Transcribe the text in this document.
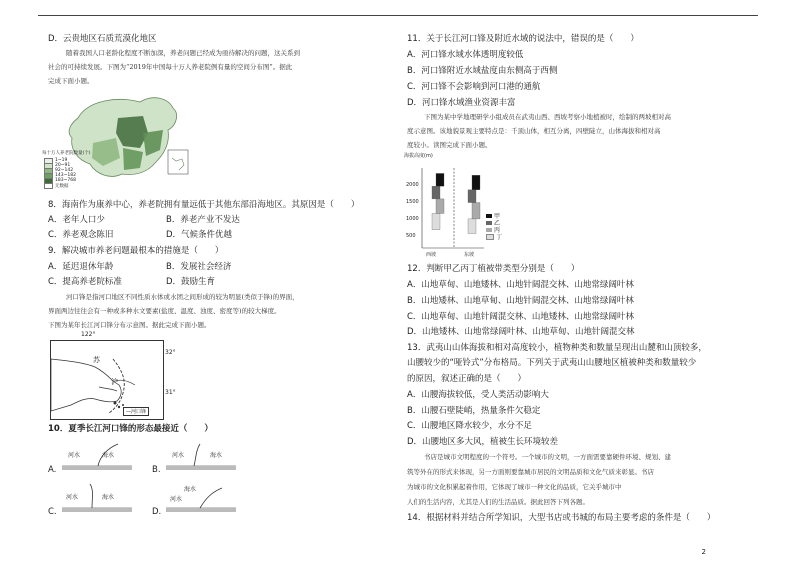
D．云贵地区石质荒漠化地区
随着我国人口老龄化程度不断加深，养老问题已经成为亟待解决的问题，这关系到
社会的可持续发展。下图为“2019年中国每十万人养老院例有量的空间分布图”。据此
完成下面小题。
每十万人养老院数量(个)
1~19
20~91
92~142
143~182
183~768
无数据
8．海南作为康养中心，养老院拥有量远低于其他东部沿海地区。其原因是（　　）
A．老年人口少	B．养老产业不发达
C．养老观念陈旧	D．气候条件优越
9．解决城市养老问题最根本的措施是（　　）
A．延迟退休年龄	B．发展社会经济
C．提高养老院标准	D．鼓励生育
河口锋是指河口地区不同性质水体或水团之间形成的较为明显(类似于锋)的界面，
界面两边往往会有一种或多种水文要素(盐度、温度、浊度、密度等)的较大梯度。
下图为某年长江河口锋分布示意图。据此完成下面小题。
122°
32°
31°
苏
沪
—河口锋
10．夏季长江河口锋的形态最接近（　　）
A.
河水	海水
B.
河水	海水
C.
河水	海水
D.
河水
海水
11．关于长江河口锋及附近水域的说法中，错误的是（　　）
A．河口锋水域水体透明度较低
B．河口锋附近水域盐度由东侧高于西侧
C．河口锋不会影响到河口港的通航
D．河口锋水域渔业资源丰富
下图为某中学地理研学小组成员在武夷山西、西坡考察小地植被时，绘制的两坡相对高
度示意图。该地貌景观主要特点是：千顶山体，相互分离，四壁陡立，山体海拔和相对高
度较小。读图完成下面小题。
海拔高度(m)
2000
1500
1000
500
西坡	东坡
甲
乙
丙
丁
12．判断甲乙丙丁植被带类型分别是（　　）
A．山地草甸、山地矮林、山地针阔混交林、山地常绿阔叶林
B．山地矮林、山地草甸、山地针阔混交林、山地常绿阔叶林
C．山地草甸、山地针阔混交林、山地矮林、山地常绿阔叶林
D．山地矮林、山地常绿阔叶林、山地草甸、山地针阔混交林
13．武夷山山体海拔和相对高度较小，植物种类和数量呈现出山麓和山顶较多，
山腰较少的“哑铃式”分布格局。下列关于武夷山山腰地区植被种类和数量较少
的原因，叙述正确的是（　　）
A．山腰海拔较低，受人类活动影响大
B．山腰石壁陡峭，热量条件欠稳定
C．山腰地区降水较少，水分不足
D．山腰地区多大风，植被生长环境较差
书店是城市文明程度的一个符号。一个城市的文明，一方面需要靠硬件环境、规划、建
筑等外在的形式来体现，另一方面则要靠城市居民的文明品质和文化气质来彰显。书店
为城市的文化积累起着作用，它体现了城市一种文化的品质，它关乎城市中
人们的生活内容，尤其是人们的生活品质。据此回答下列各题。
14．根据材料并结合所学知识，大型书店或书城的布局主要考虑的条件是（　　）
2
